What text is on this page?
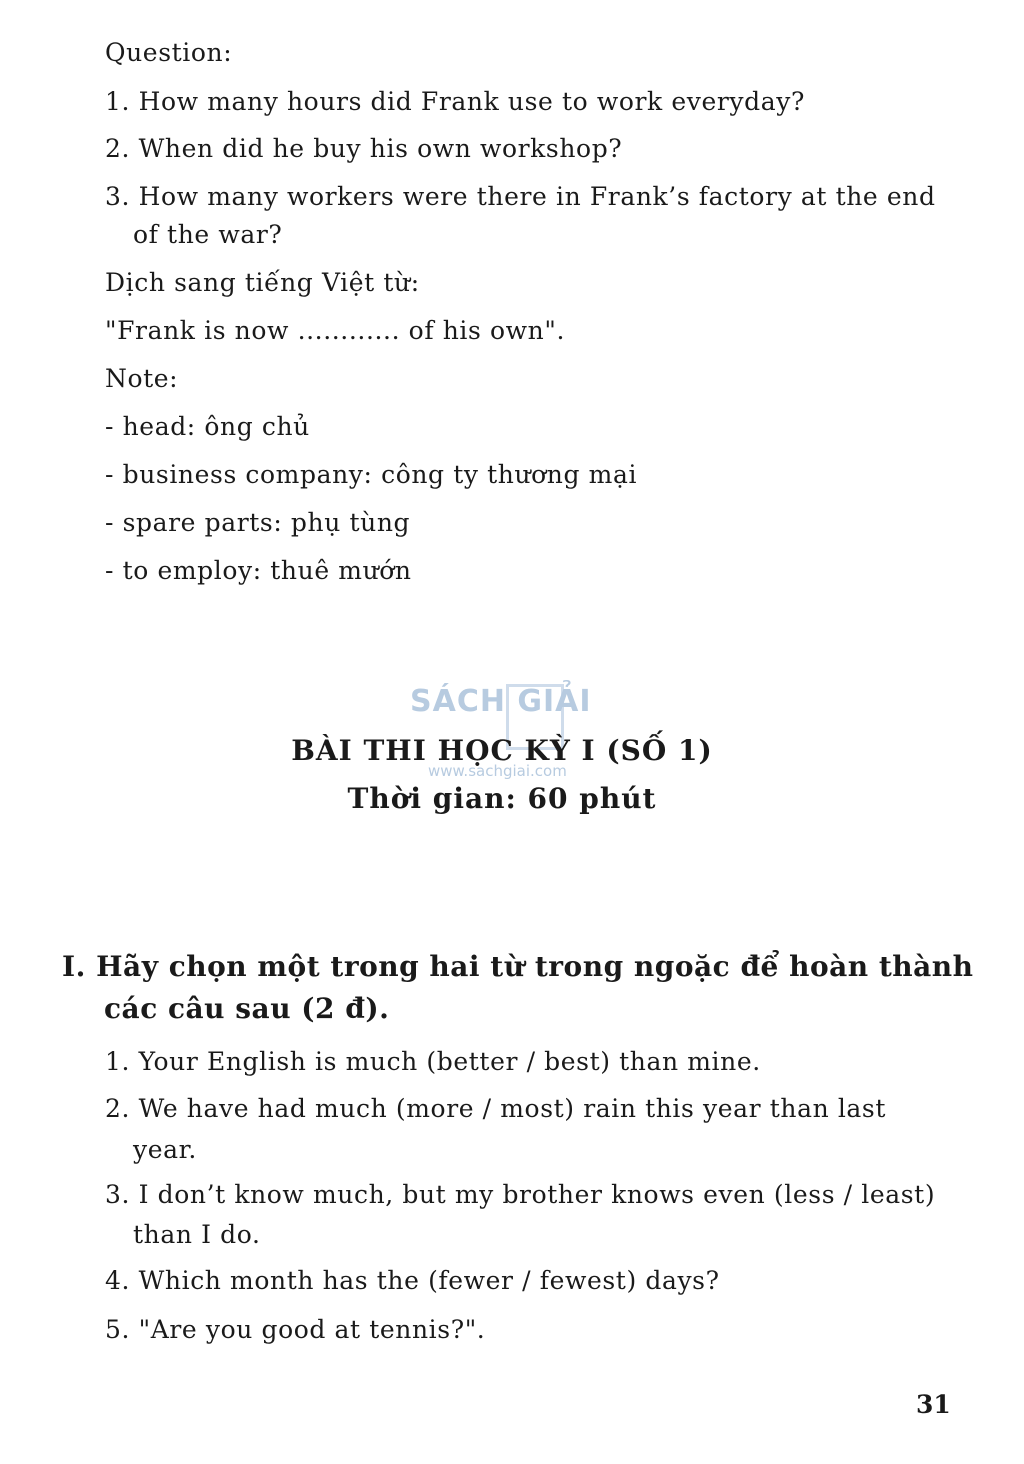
Question:
1. How many hours did Frank use to work everyday?
2. When did he buy his own workshop?
3. How many workers were there in Frank’s factory at the end
of the war?
Dịch sang tiếng Việt từ:
"Frank is now ............ of his own".
Note:
- head: ông chủ
- business company: công ty thương mại
- spare parts: phụ tùng
- to employ: thuê mướn
SÁCH GIẢI
www.sachgiai.com
BÀI THI HỌC KỲ I (SỐ 1)
Thời gian: 60 phút
I. Hãy chọn một trong hai từ trong ngoặc để hoàn thành
các câu sau (2 đ).
1. Your English is much (better / best) than mine.
2. We have had much (more / most) rain this year than last
year.
3. I don’t know much, but my brother knows even (less / least)
than I do.
4. Which month has the (fewer / fewest) days?
5. "Are you good at tennis?".
31
